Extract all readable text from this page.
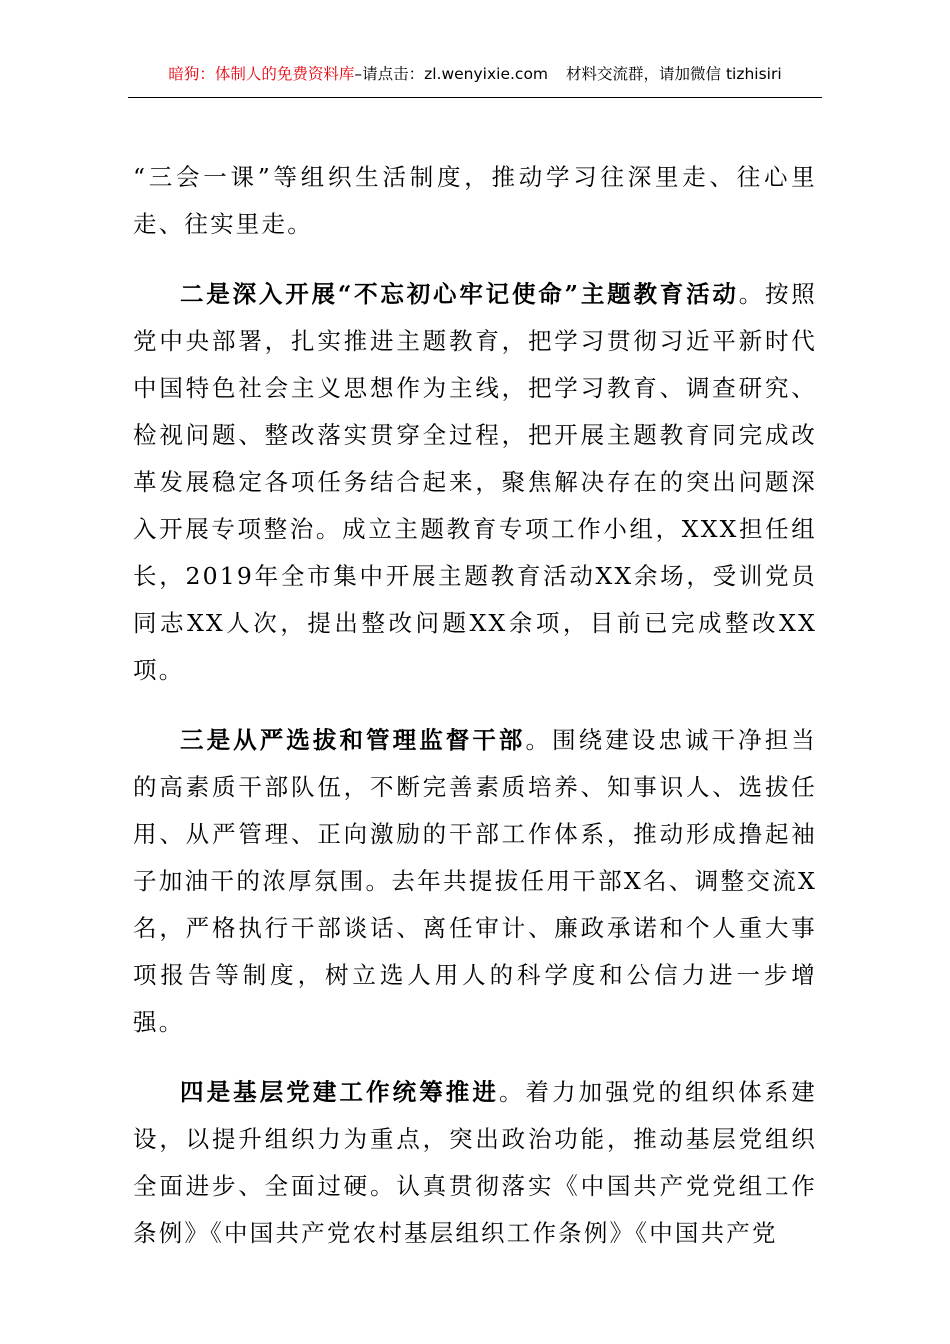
暗狗：体制人的免费资料库–请点击：zl.wenyixie.com 材料交流群，请加微信 tizhisiri

“三会一课”等组织生活制度，推动学习往深里走、往心里走、往实里走。

二是深入开展“不忘初心牢记使命”主题教育活动。按照党中央部署，扎实推进主题教育，把学习贯彻习近平新时代中国特色社会主义思想作为主线，把学习教育、调查研究、检视问题、整改落实贯穿全过程，把开展主题教育同完成改革发展稳定各项任务结合起来，聚焦解决存在的突出问题深入开展专项整治。成立主题教育专项工作小组，XXX担任组长，2019年全市集中开展主题教育活动XX余场，受训党员同志XX人次，提出整改问题XX余项，目前已完成整改XX项。

三是从严选拔和管理监督干部。围绕建设忠诚干净担当的高素质干部队伍，不断完善素质培养、知事识人、选拔任用、从严管理、正向激励的干部工作体系，推动形成撸起袖子加油干的浓厚氛围。去年共提拔任用干部X名、调整交流X名，严格执行干部谈话、离任审计、廉政承诺和个人重大事项报告等制度，树立选人用人的科学度和公信力进一步增强。

四是基层党建工作统筹推进。着力加强党的组织体系建设，以提升组织力为重点，突出政治功能，推动基层党组织全面进步、全面过硬。认真贯彻落实《中国共产党党组工作条例》《中国共产党农村基层组织工作条例》《中国共产党
